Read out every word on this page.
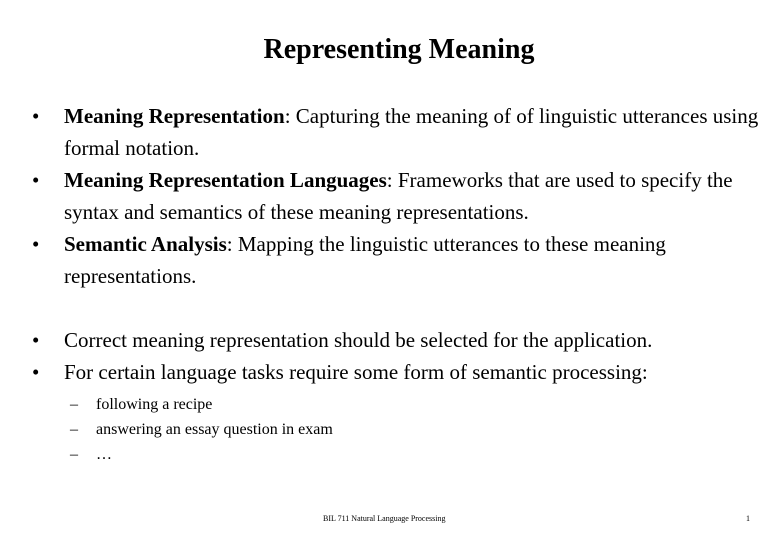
Representing Meaning
•	Meaning Representation: Capturing the meaning of of linguistic utterances using formal notation.
•	Meaning Representation Languages: Frameworks that are used to specify the syntax and semantics of these meaning representations.
•	Semantic Analysis: Mapping the linguistic utterances to these meaning representations.
•	Correct meaning representation should be selected for the application.
•	For certain language tasks require some form of semantic processing:
– following a recipe
– answering an essay question in exam
– …
BIL 711 Natural Language Processing	1
